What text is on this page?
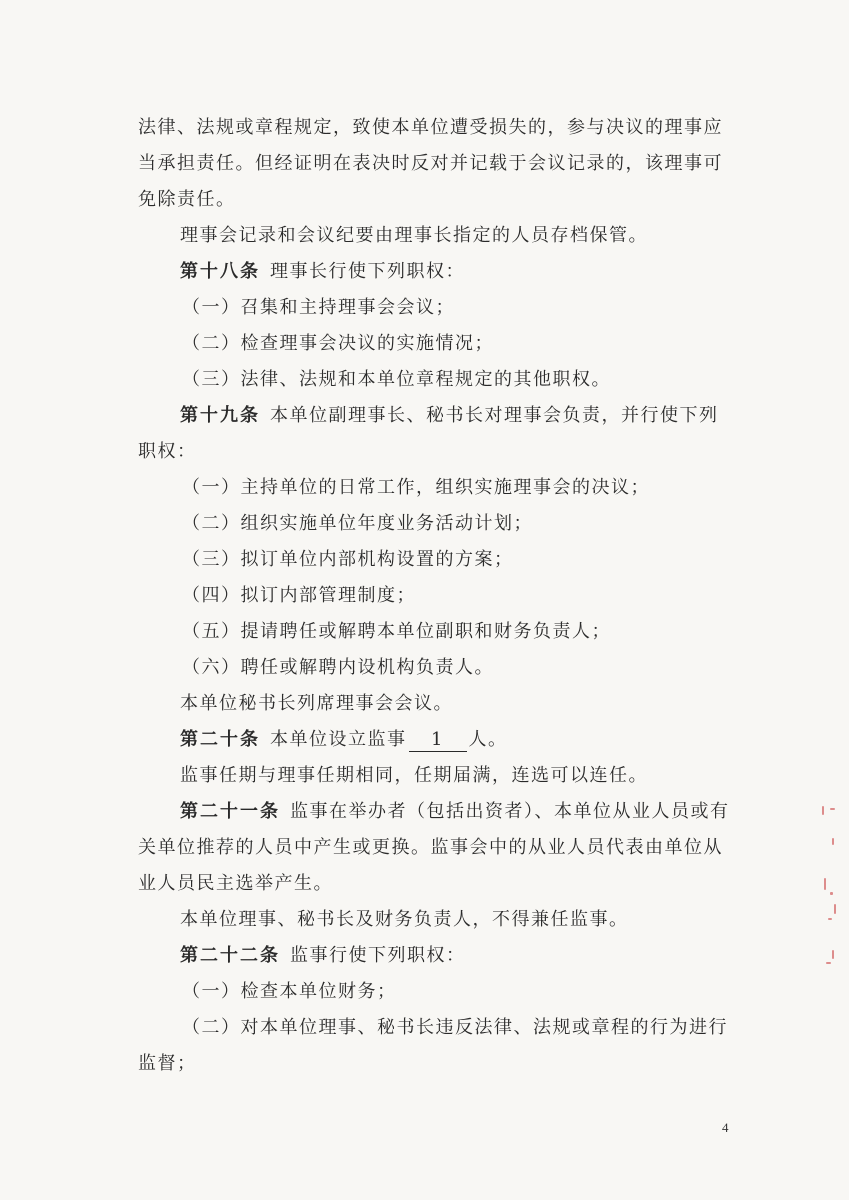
法律、法规或章程规定，致使本单位遭受损失的，参与决议的理事应
当承担责任。但经证明在表决时反对并记载于会议记录的，该理事可
免除责任。
理事会记录和会议纪要由理事长指定的人员存档保管。
第十八条 理事长行使下列职权：
（一）召集和主持理事会会议；
（二）检查理事会决议的实施情况；
（三）法律、法规和本单位章程规定的其他职权。
第十九条 本单位副理事长、秘书长对理事会负责，并行使下列
职权：
（一）主持单位的日常工作，组织实施理事会的决议；
（二）组织实施单位年度业务活动计划；
（三）拟订单位内部机构设置的方案；
（四）拟订内部管理制度；
（五）提请聘任或解聘本单位副职和财务负责人；
（六）聘任或解聘内设机构负责人。
本单位秘书长列席理事会会议。
第二十条 本单位设立监事 1 人。
监事任期与理事任期相同，任期届满，连选可以连任。
第二十一条 监事在举办者（包括出资者）、本单位从业人员或有
关单位推荐的人员中产生或更换。监事会中的从业人员代表由单位从
业人员民主选举产生。
本单位理事、秘书长及财务负责人，不得兼任监事。
第二十二条 监事行使下列职权：
（一）检查本单位财务；
（二）对本单位理事、秘书长违反法律、法规或章程的行为进行
监督；
4
